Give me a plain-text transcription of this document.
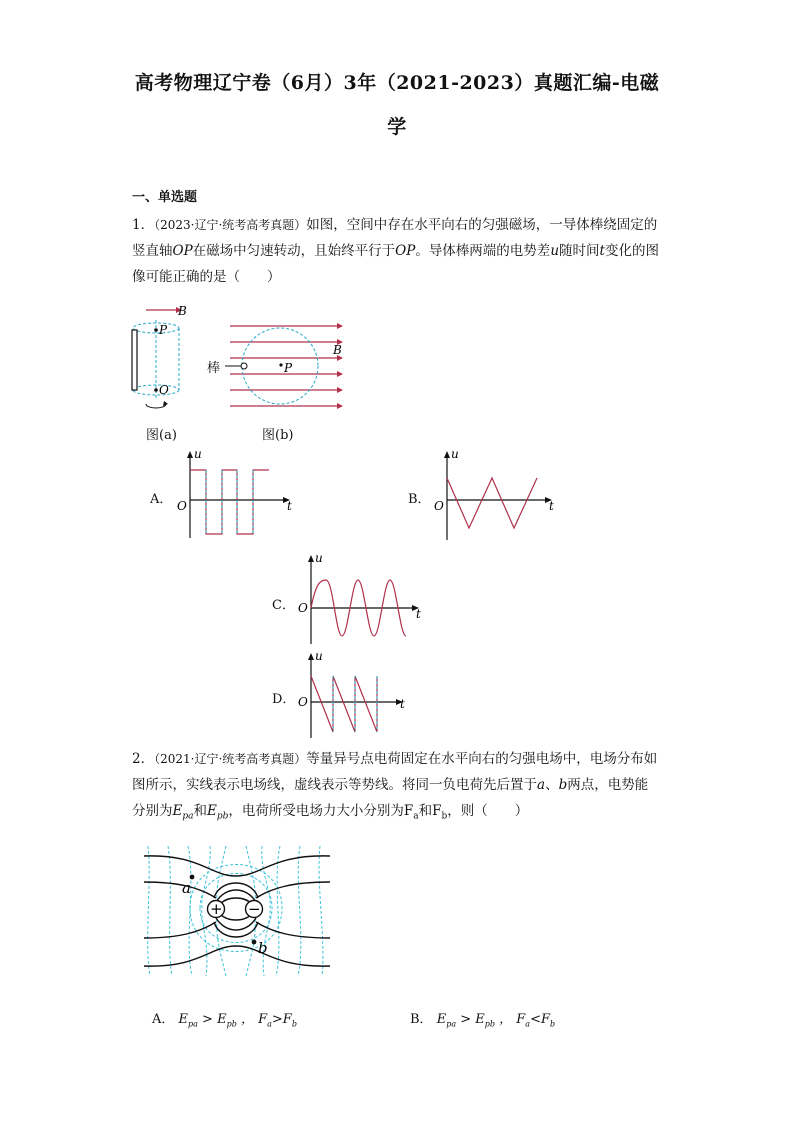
高考物理辽宁卷（6月）3年（2021-2023）真题汇编-电磁
学
一、单选题
1．（2023·辽宁·统考高考真题）如图，空间中存在水平向右的匀强磁场，一导体棒绕固定的竖直轴OP在磁场中匀速转动，且始终平行于OP。导体棒两端的电势差u随时间t变化的图像可能正确的是（　　）
B
P
O
图(a)
P
B
棒
图(b)
A．
u
t
O	B．
u
t
O
C．
u
t
O
D．
u
t
O
2．（2021·辽宁·统考高考真题）等量异号点电荷固定在水平向右的匀强电场中，电场分布如图所示，实线表示电场线，虚线表示等势线。将同一负电荷先后置于a、b两点，电势能分别为$E_{pa}$和$E_{pb}$，电荷所受电场力大小分别为$F_a$和$F_b$，则（　　）
+ −
a
b
A． $E_{pa} > E_{pb}$ ， $F_a>F_b$	B． $E_{pa} > E_{pb}$ ， $F_a<F_b$
